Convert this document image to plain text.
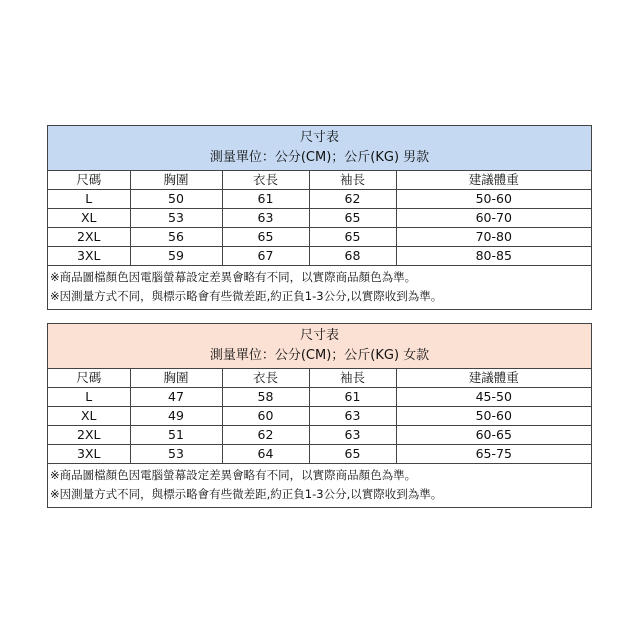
尺寸表
測量單位：公分(CM)；公斤(KG) 男款
尺碼	胸圍	衣長	袖長	建議體重
L	50	61	62	50-60
XL	53	63	65	60-70
2XL	56	65	65	70-80
3XL	59	67	68	80-85
※商品圖檔顏色因電腦螢幕設定差異會略有不同，以實際商品顏色為準。
※因測量方式不同，與標示略會有些微差距,約正負1-3公分,以實際收到為準。
尺寸表
測量單位：公分(CM)；公斤(KG) 女款
尺碼	胸圍	衣長	袖長	建議體重
L	47	58	61	45-50
XL	49	60	63	50-60
2XL	51	62	63	60-65
3XL	53	64	65	65-75
※商品圖檔顏色因電腦螢幕設定差異會略有不同，以實際商品顏色為準。
※因測量方式不同，與標示略會有些微差距,約正負1-3公分,以實際收到為準。
